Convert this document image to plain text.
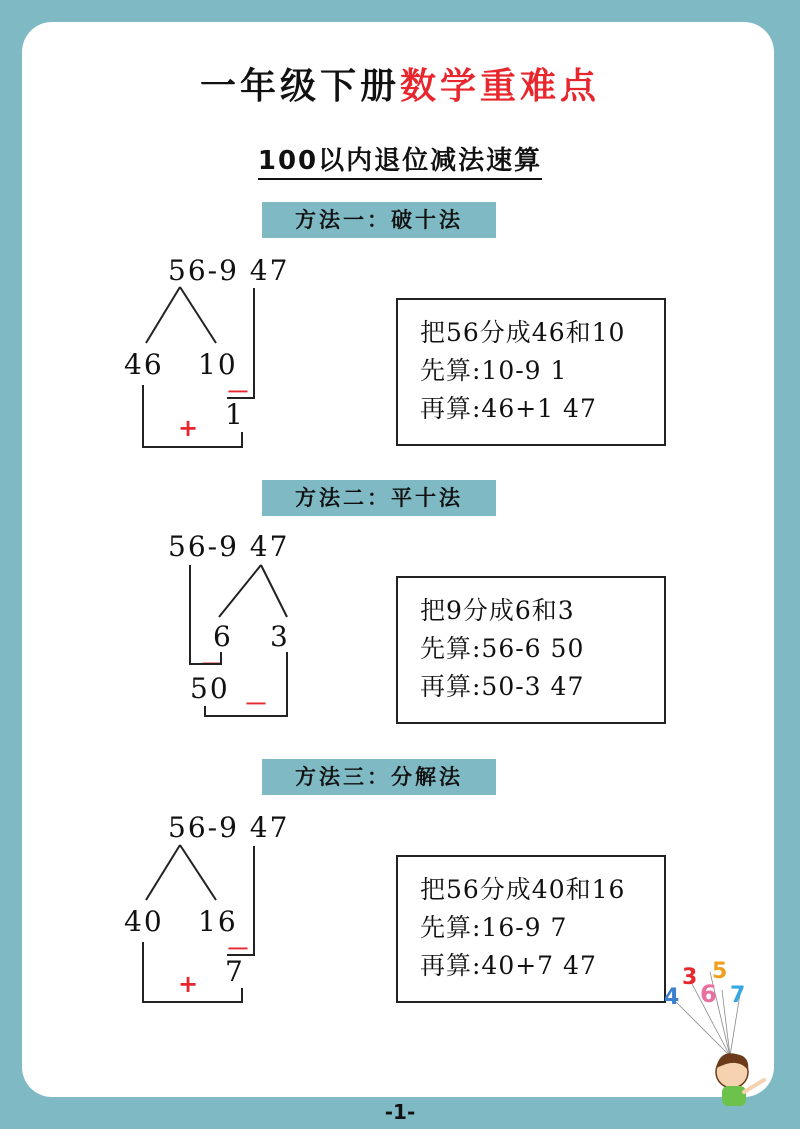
一年级下册数学重难点
100以内退位减法速算
方法一：破十法
56-9 47
46 10
1
－
+
把56分成46和10
先算:10-9 1
再算:46+1 47
方法二：平十法
56-9 47
6 3
50
－
－
把9分成6和3
先算:56-6 50
再算:50-3 47
方法三：分解法
56-9 47
40 16
7
－
+
把56分成40和16
先算:16-9 7
再算:40+7 47	3 5
4 6 7
-1-
